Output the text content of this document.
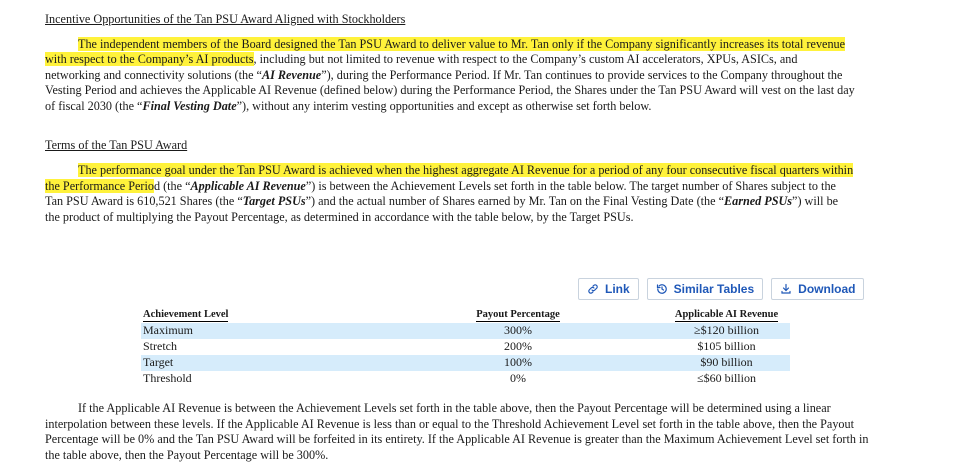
Incentive Opportunities of the Tan PSU Award Aligned with Stockholders

The independent members of the Board designed the Tan PSU Award to deliver value to Mr. Tan only if the Company significantly increases its total revenue with respect to the Company’s AI products, including but not limited to revenue with respect to the Company’s custom AI accelerators, XPUs, ASICs, and networking and connectivity solutions (the “AI Revenue”), during the Performance Period. If Mr. Tan continues to provide services to the Company throughout the Vesting Period and achieves the Applicable AI Revenue (defined below) during the Performance Period, the Shares under the Tan PSU Award will vest on the last day of fiscal 2030 (the “Final Vesting Date”), without any interim vesting opportunities and except as otherwise set forth below.

Terms of the Tan PSU Award

The performance goal under the Tan PSU Award is achieved when the highest aggregate AI Revenue for a period of any four consecutive fiscal quarters within the Performance Period (the “Applicable AI Revenue”) is between the Achievement Levels set forth in the table below. The target number of Shares subject to the Tan PSU Award is 610,521 Shares (the “Target PSUs”) and the actual number of Shares earned by Mr. Tan on the Final Vesting Date (the “Earned PSUs”) will be the product of multiplying the Payout Percentage, as determined in accordance with the table below, by the Target PSUs.

Link	Similar Tables	Download
Achievement Level	Payout Percentage	Applicable AI Revenue
Maximum	300%	≥$120 billion
Stretch	200%	$105 billion
Target	100%	$90 billion
Threshold	0%	≤$60 billion

If the Applicable AI Revenue is between the Achievement Levels set forth in the table above, then the Payout Percentage will be determined using a linear interpolation between these levels. If the Applicable AI Revenue is less than or equal to the Threshold Achievement Level set forth in the table above, then the Payout Percentage will be 0% and the Tan PSU Award will be forfeited in its entirety. If the Applicable AI Revenue is greater than the Maximum Achievement Level set forth in the table above, then the Payout Percentage will be 300%.
